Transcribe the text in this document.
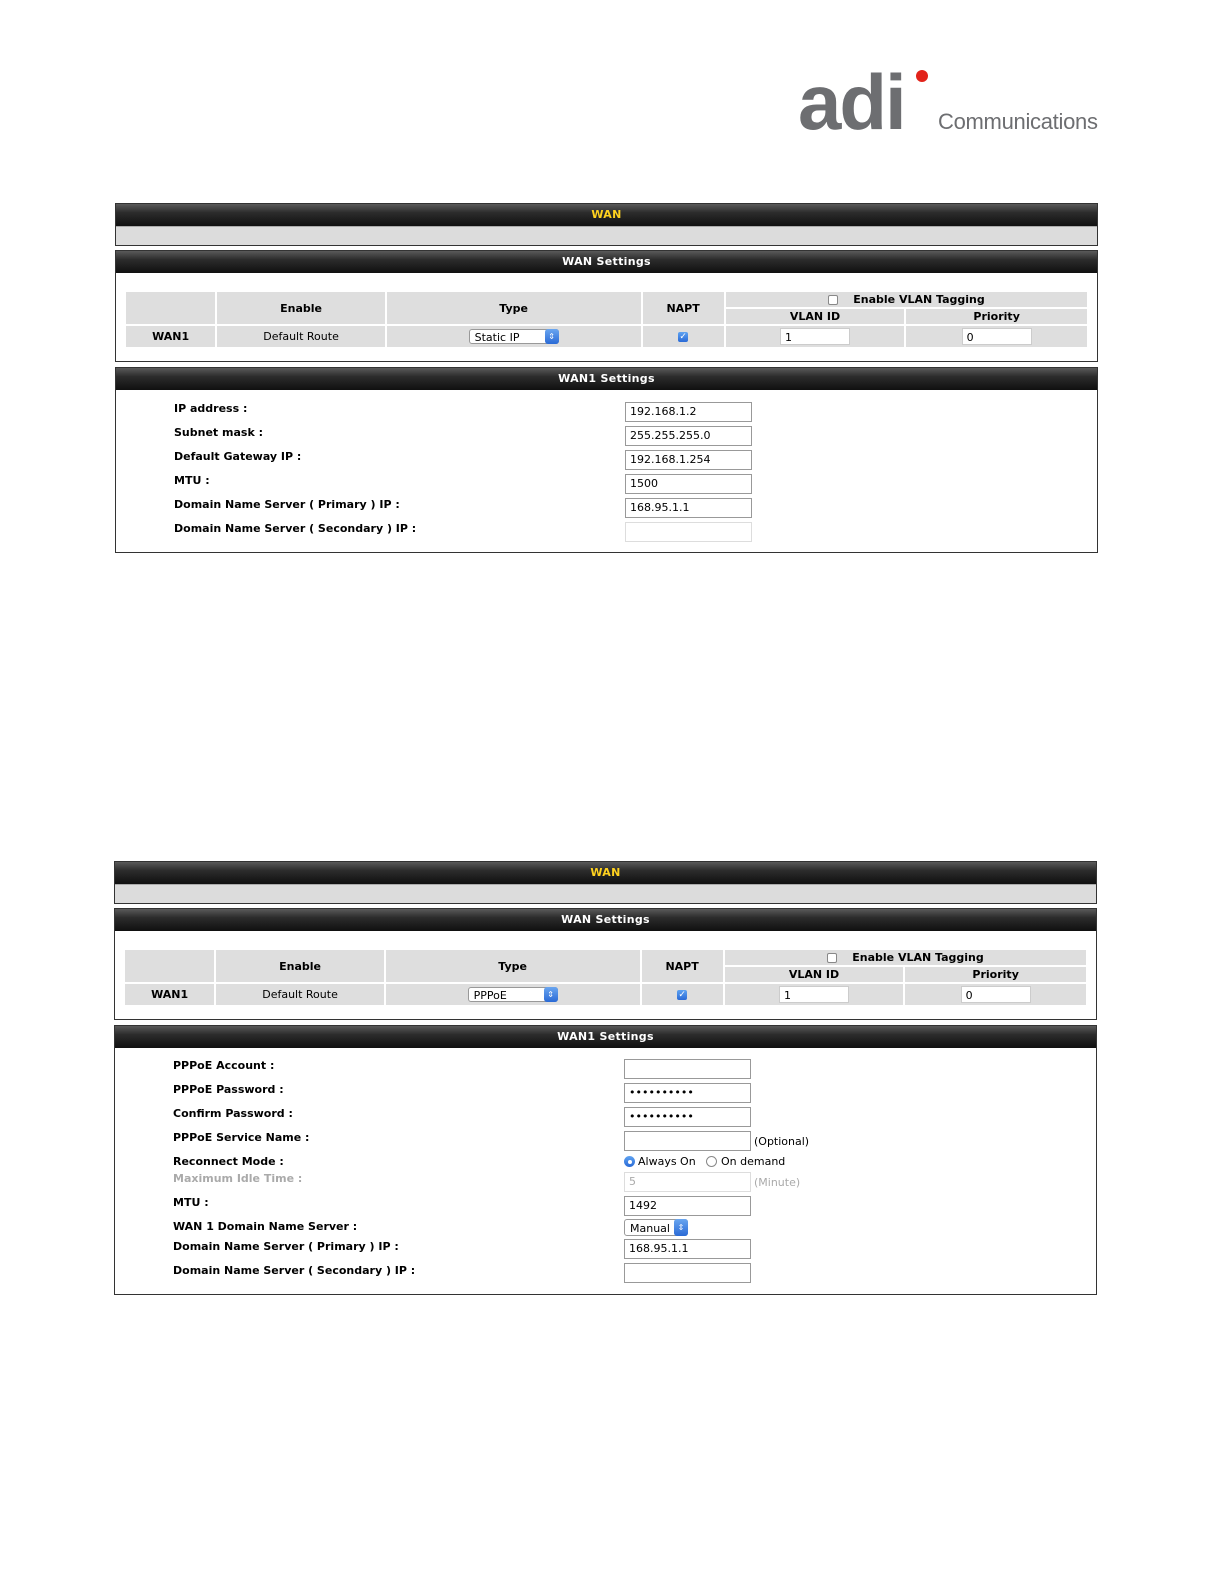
adi Communications
WAN
WAN Settings
	Enable	Type	NAPT	Enable VLAN Tagging	
				VLAN ID	Priority
WAN1	Default Route	Static IP ⇕	✓	1	0
WAN1 Settings
IP address :	192.168.1.2
Subnet mask :	255.255.255.0
Default Gateway IP :	192.168.1.254
MTU :	1500
Domain Name Server ( Primary ) IP :	168.95.1.1
Domain Name Server ( Secondary ) IP :
WAN
WAN Settings
	Enable	Type	NAPT	Enable VLAN Tagging	
				VLAN ID	Priority
WAN1	Default Route	PPPoE ⇕	✓	1	0
WAN1 Settings
PPPoE Account :
PPPoE Password :	••••••••••
Confirm Password :	••••••••••
PPPoE Service Name :	(Optional)
Reconnect Mode :	Always On On demand
Maximum Idle Time :	5	(Minute)
MTU :	1492
WAN 1 Domain Name Server :	Manual ⇕
Domain Name Server ( Primary ) IP :	168.95.1.1
Domain Name Server ( Secondary ) IP :
